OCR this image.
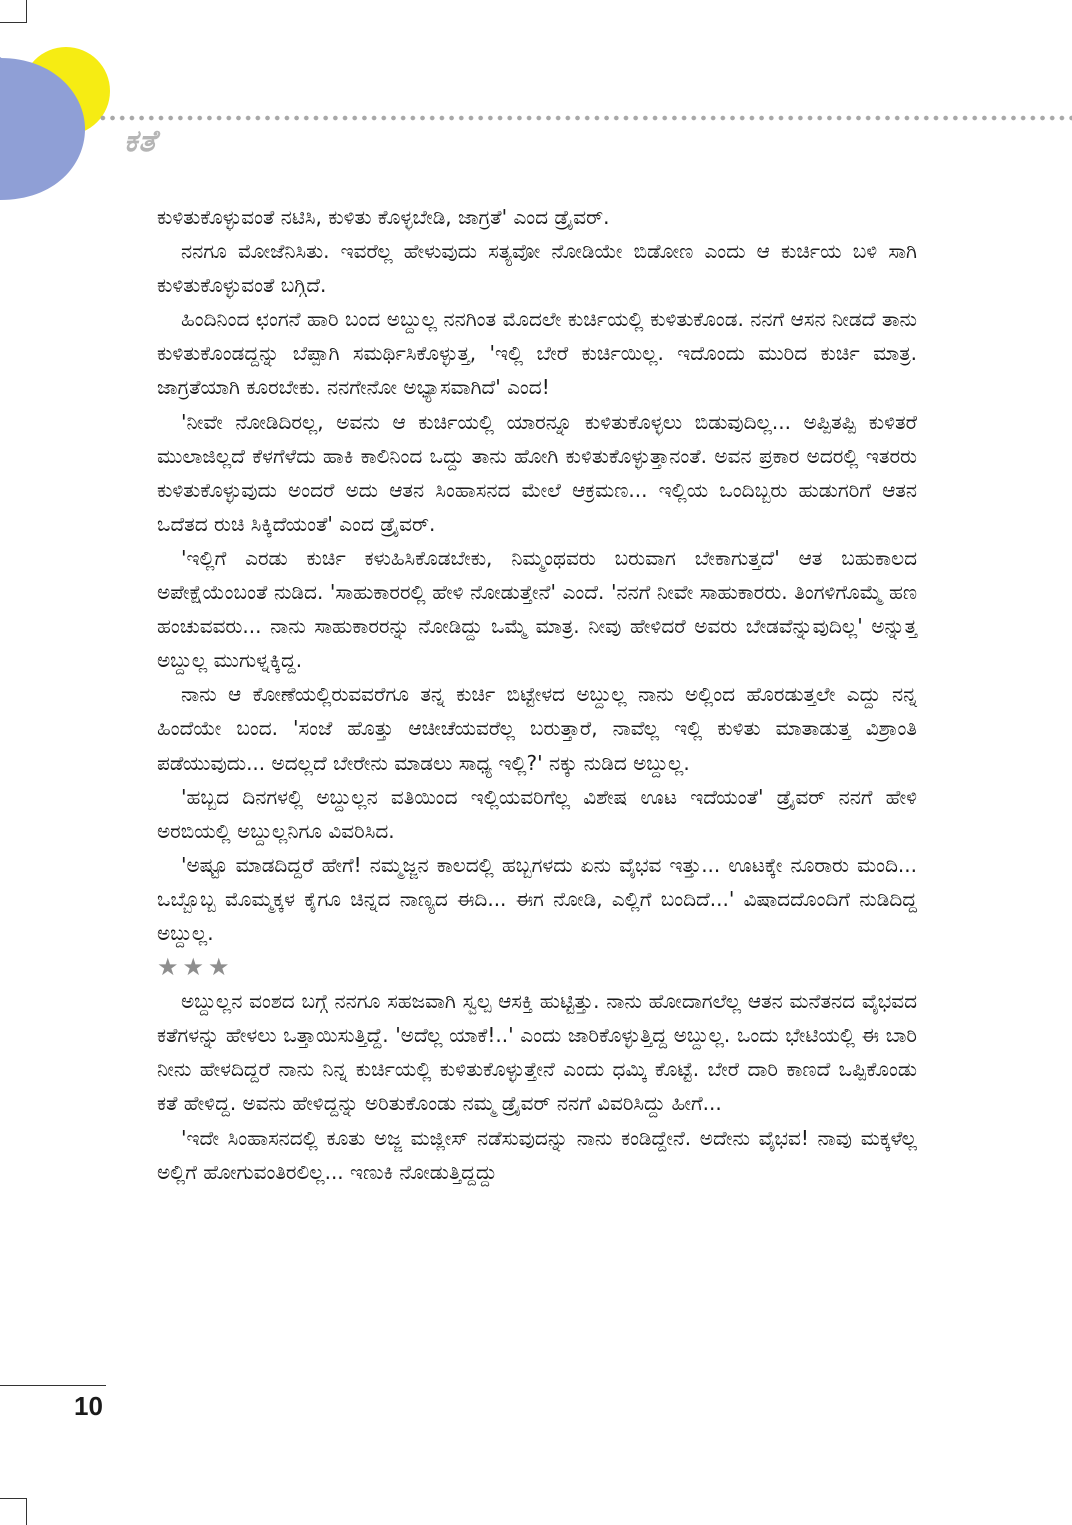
ಕತೆ

ಕುಳಿತುಕೊಳ್ಳುವಂತೆ ನಟಿಸಿ, ಕುಳಿತು ಕೊಳ್ಳಬೇಡಿ, ಜಾಗ್ರತೆ' ಎಂದ ಡ್ರೈವರ್.

ನನಗೂ ಮೋಜೆನಿಸಿತು. ಇವರೆಲ್ಲ ಹೇಳುವುದು ಸತ್ಯವೋ ನೋಡಿಯೇ ಬಿಡೋಣ ಎಂದು ಆ ಕುರ್ಚಿಯ ಬಳಿ ಸಾಗಿ ಕುಳಿತುಕೊಳ್ಳುವಂತೆ ಬಗ್ಗಿದೆ.

ಹಿಂದಿನಿಂದ ಛಂಗನೆ ಹಾರಿ ಬಂದ ಅಬ್ದುಲ್ಲ ನನಗಿಂತ ಮೊದಲೇ ಕುರ್ಚಿಯಲ್ಲಿ ಕುಳಿತುಕೊಂಡ. ನನಗೆ ಆಸನ ನೀಡದೆ ತಾನು ಕುಳಿತುಕೊಂಡದ್ದನ್ನು ಬೆಪ್ಪಾಗಿ ಸಮರ್ಥಿಸಿಕೊಳ್ಳುತ್ತ, 'ಇಲ್ಲಿ ಬೇರೆ ಕುರ್ಚಿಯಿಲ್ಲ. ಇದೊಂದು ಮುರಿದ ಕುರ್ಚಿ ಮಾತ್ರ. ಜಾಗ್ರತೆಯಾಗಿ ಕೂರಬೇಕು. ನನಗೇನೋ ಅಭ್ಯಾಸವಾಗಿದೆ' ಎಂದ!

'ನೀವೇ ನೋಡಿದಿರಲ್ಲ, ಅವನು ಆ ಕುರ್ಚಿಯಲ್ಲಿ ಯಾರನ್ನೂ ಕುಳಿತುಕೊಳ್ಳಲು ಬಿಡುವುದಿಲ್ಲ... ಅಪ್ಪಿತಪ್ಪಿ ಕುಳಿತರೆ ಮುಲಾಜಿಲ್ಲದೆ ಕೆಳಗೆಳೆದು ಹಾಕಿ ಕಾಲಿನಿಂದ ಒದ್ದು ತಾನು ಹೋಗಿ ಕುಳಿತುಕೊಳ್ಳುತ್ತಾನಂತೆ. ಅವನ ಪ್ರಕಾರ ಅದರಲ್ಲಿ ಇತರರು ಕುಳಿತುಕೊಳ್ಳುವುದು ಅಂದರೆ ಅದು ಆತನ ಸಿಂಹಾಸನದ ಮೇಲೆ ಆಕ್ರಮಣ... ಇಲ್ಲಿಯ ಒಂದಿಬ್ಬರು ಹುಡುಗರಿಗೆ ಆತನ ಒದೆತದ ರುಚಿ ಸಿಕ್ಕಿದೆಯಂತೆ' ಎಂದ ಡ್ರೈವರ್.

'ಇಲ್ಲಿಗೆ ಎರಡು ಕುರ್ಚಿ ಕಳುಹಿಸಿಕೊಡಬೇಕು, ನಿಮ್ಮಂಥವರು ಬರುವಾಗ ಬೇಕಾಗುತ್ತದೆ' ಆತ ಬಹುಕಾಲದ ಅಪೇಕ್ಷೆಯೆಂಬಂತೆ ನುಡಿದ. 'ಸಾಹುಕಾರರಲ್ಲಿ ಹೇಳಿ ನೋಡುತ್ತೇನೆ' ಎಂದೆ. 'ನನಗೆ ನೀವೇ ಸಾಹುಕಾರರು. ತಿಂಗಳಿಗೊಮ್ಮೆ ಹಣ ಹಂಚುವವರು... ನಾನು ಸಾಹುಕಾರರನ್ನು ನೋಡಿದ್ದು ಒಮ್ಮೆ ಮಾತ್ರ. ನೀವು ಹೇಳಿದರೆ ಅವರು ಬೇಡವೆನ್ನುವುದಿಲ್ಲ' ಅನ್ನುತ್ತ ಅಬ್ದುಲ್ಲ ಮುಗುಳ್ನಕ್ಕಿದ್ದ.

ನಾನು ಆ ಕೋಣೆಯಲ್ಲಿರುವವರೆಗೂ ತನ್ನ ಕುರ್ಚಿ ಬಿಟ್ಟೇಳದ ಅಬ್ದುಲ್ಲ ನಾನು ಅಲ್ಲಿಂದ ಹೊರಡುತ್ತಲೇ ಎದ್ದು ನನ್ನ ಹಿಂದೆಯೇ ಬಂದ. 'ಸಂಜೆ ಹೊತ್ತು ಆಚೀಚೆಯವರೆಲ್ಲ ಬರುತ್ತಾರೆ, ನಾವೆಲ್ಲ ಇಲ್ಲಿ ಕುಳಿತು ಮಾತಾಡುತ್ತ ವಿಶ್ರಾಂತಿ ಪಡೆಯುವುದು... ಅದಲ್ಲದೆ ಬೇರೇನು ಮಾಡಲು ಸಾಧ್ಯ ಇಲ್ಲಿ?' ನಕ್ಕು ನುಡಿದ ಅಬ್ದುಲ್ಲ.

'ಹಬ್ಬದ ದಿನಗಳಲ್ಲಿ ಅಬ್ದುಲ್ಲನ ವತಿಯಿಂದ ಇಲ್ಲಿಯವರಿಗೆಲ್ಲ ವಿಶೇಷ ಊಟ ಇದೆಯಂತೆ' ಡ್ರೈವರ್ ನನಗೆ ಹೇಳಿ ಅರಬಿಯಲ್ಲಿ ಅಬ್ದುಲ್ಲನಿಗೂ ವಿವರಿಸಿದ.

'ಅಷ್ಟೂ ಮಾಡದಿದ್ದರೆ ಹೇಗೆ! ನಮ್ಮಜ್ಜನ ಕಾಲದಲ್ಲಿ ಹಬ್ಬಗಳದು ಏನು ವೈಭವ ಇತ್ತು... ಊಟಕ್ಕೇ ನೂರಾರು ಮಂದಿ... ಒಬ್ಬೊಬ್ಬ ಮೊಮ್ಮಕ್ಕಳ ಕೈಗೂ ಚಿನ್ನದ ನಾಣ್ಯದ ಈದಿ... ಈಗ ನೋಡಿ, ಎಲ್ಲಿಗೆ ಬಂದಿದೆ...' ವಿಷಾದದೊಂದಿಗೆ ನುಡಿದಿದ್ದ ಅಬ್ದುಲ್ಲ.

★★★

ಅಬ್ದುಲ್ಲನ ವಂಶದ ಬಗ್ಗೆ ನನಗೂ ಸಹಜವಾಗಿ ಸ್ವಲ್ಪ ಆಸಕ್ತಿ ಹುಟ್ಟಿತ್ತು. ನಾನು ಹೋದಾಗಲೆಲ್ಲ ಆತನ ಮನೆತನದ ವೈಭವದ ಕತೆಗಳನ್ನು ಹೇಳಲು ಒತ್ತಾಯಿಸುತ್ತಿದ್ದೆ. 'ಅದೆಲ್ಲ ಯಾಕೆ!..' ಎಂದು ಜಾರಿಕೊಳ್ಳುತ್ತಿದ್ದ ಅಬ್ದುಲ್ಲ. ಒಂದು ಭೇಟಿಯಲ್ಲಿ ಈ ಬಾರಿ ನೀನು ಹೇಳದಿದ್ದರೆ ನಾನು ನಿನ್ನ ಕುರ್ಚಿಯಲ್ಲಿ ಕುಳಿತುಕೊಳ್ಳುತ್ತೇನೆ ಎಂದು ಧಮ್ಕಿ ಕೊಟ್ಟೆ. ಬೇರೆ ದಾರಿ ಕಾಣದೆ ಒಪ್ಪಿಕೊಂಡು ಕತೆ ಹೇಳಿದ್ದ. ಅವನು ಹೇಳಿದ್ದನ್ನು ಅರಿತುಕೊಂಡು ನಮ್ಮ ಡ್ರೈವರ್ ನನಗೆ ವಿವರಿಸಿದ್ದು ಹೀಗೆ...

'ಇದೇ ಸಿಂಹಾಸನದಲ್ಲಿ ಕೂತು ಅಜ್ಜ ಮಜ್ಲೀಸ್ ನಡೆಸುವುದನ್ನು ನಾನು ಕಂಡಿದ್ದೇನೆ. ಅದೇನು ವೈಭವ! ನಾವು ಮಕ್ಕಳೆಲ್ಲ ಅಲ್ಲಿಗೆ ಹೋಗುವಂತಿರಲಿಲ್ಲ... ಇಣುಕಿ ನೋಡುತ್ತಿದ್ದದ್ದು

10
